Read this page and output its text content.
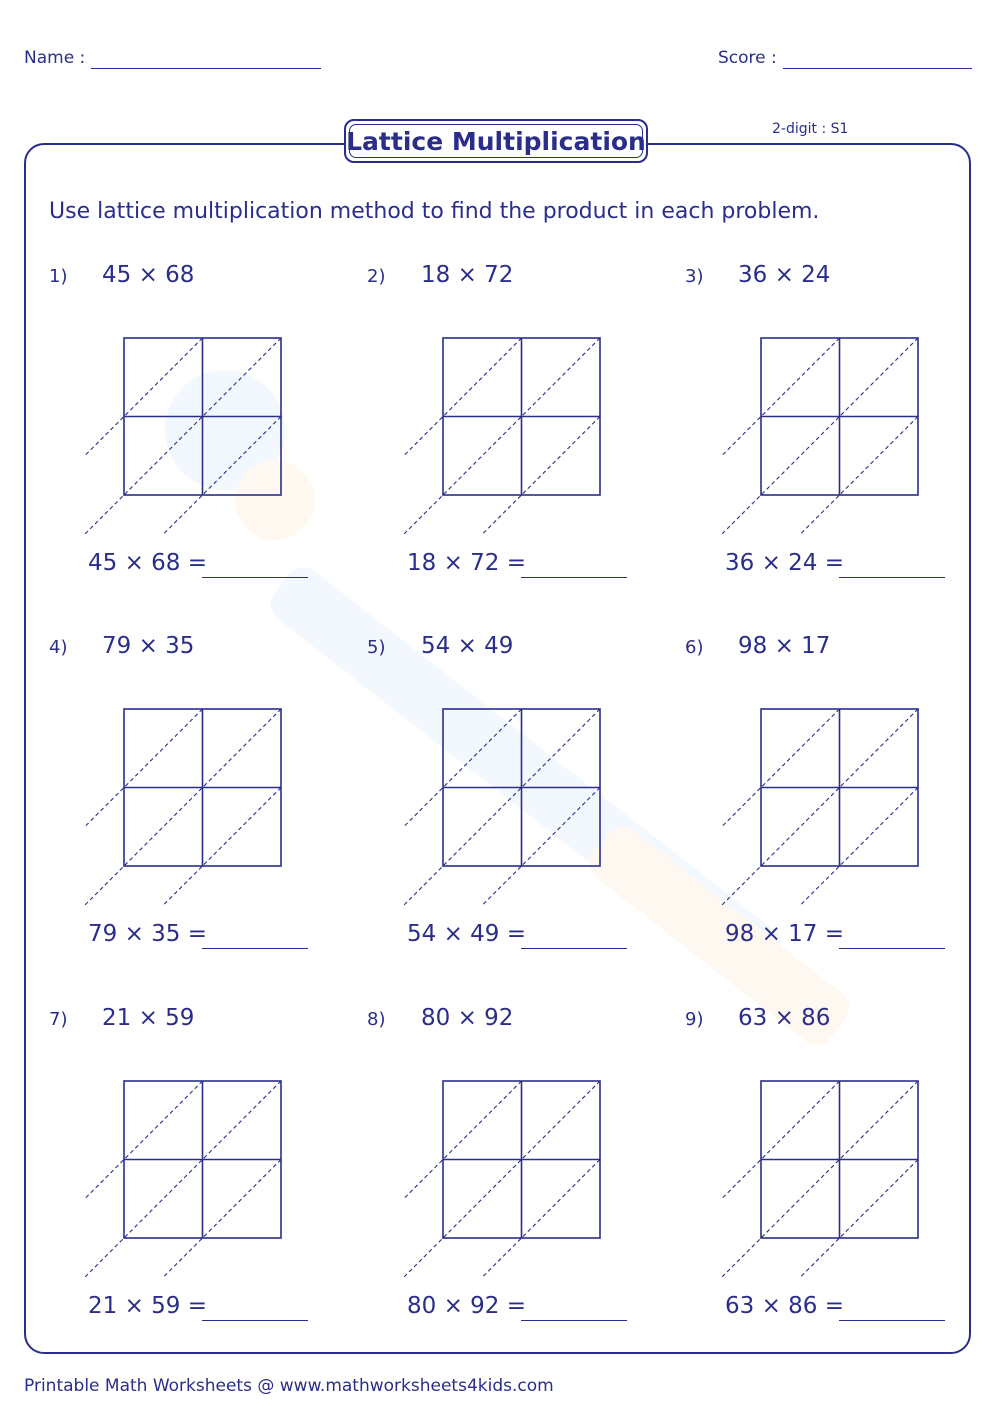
Name :	Score :
Lattice Multiplication	2-digit : S1
Use lattice multiplication method to find the product in each problem.
1) 45 × 68
45 × 68 =
2) 18 × 72
18 × 72 =
3) 36 × 24
36 × 24 =
4) 79 × 35
79 × 35 =
5) 54 × 49
54 × 49 =
6) 98 × 17
98 × 17 =
7) 21 × 59
21 × 59 =
8) 80 × 92
80 × 92 =
9) 63 × 86
63 × 86 =
Printable Math Worksheets @ www.mathworksheets4kids.com
